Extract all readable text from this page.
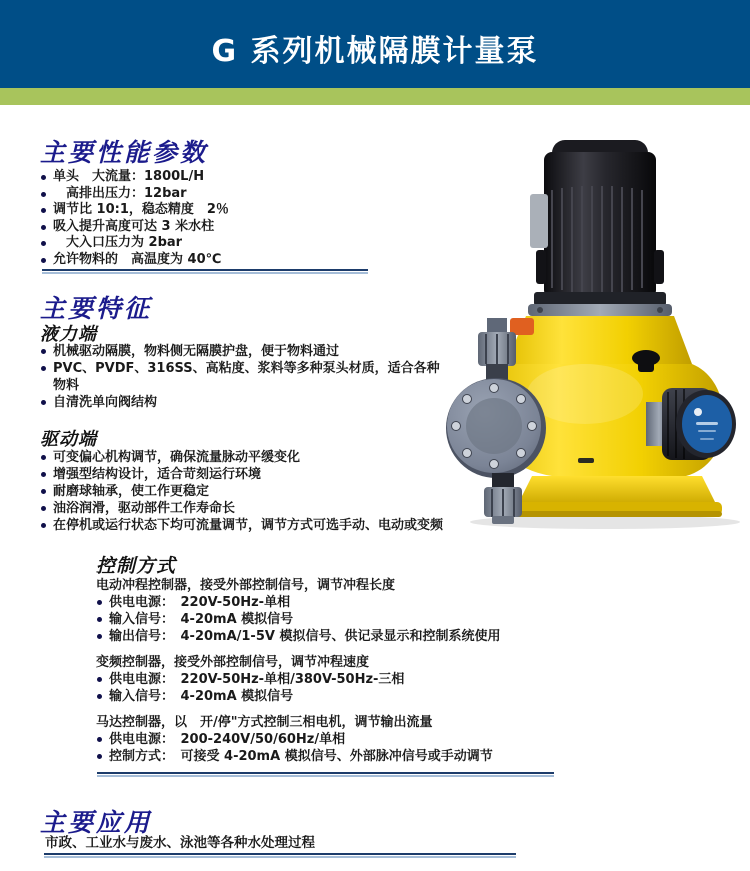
G 系列机械隔膜计量泵
主要性能参数
单头　大流量：1800L/H
　高排出压力：12bar
调节比 10:1，稳态精度　2％
吸入提升高度可达 3 米水柱
　大入口压力为 2bar
允许物料的　高温度为 40℃
主要特征
液力端
机械驱动隔膜，物料侧无隔膜护盘，便于物料通过
PVC、PVDF、316SS、高粘度、浆料等多种泵头材质，适合各种物料
自清洗单向阀结构
驱动端
可变偏心机构调节，确保流量脉动平缓变化
增强型结构设计，适合苛刻运行环境
耐磨球轴承，使工作更稳定
油浴润滑，驱动部件工作寿命长
在停机或运行状态下均可流量调节，调节方式可选手动、电动或变频
控制方式

电动冲程控制器，接受外部控制信号，调节冲程长度

供电电源：　220V-50Hz-单相
输入信号：　4-20mA 模拟信号
输出信号：　4-20mA/1-5V 模拟信号、供记录显示和控制系统使用

变频控制器，接受外部控制信号，调节冲程速度

供电电源：　220V-50Hz-单相/380V-50Hz-三相
输入信号：　4-20mA 模拟信号

马达控制器，以　开/停"方式控制三相电机，调节输出流量

供电电源：　200-240V/50/60Hz/单相
控制方式：　可接受 4-20mA 模拟信号、外部脉冲信号或手动调节
主要应用

市政、工业水与废水、泳池等各种水处理过程
